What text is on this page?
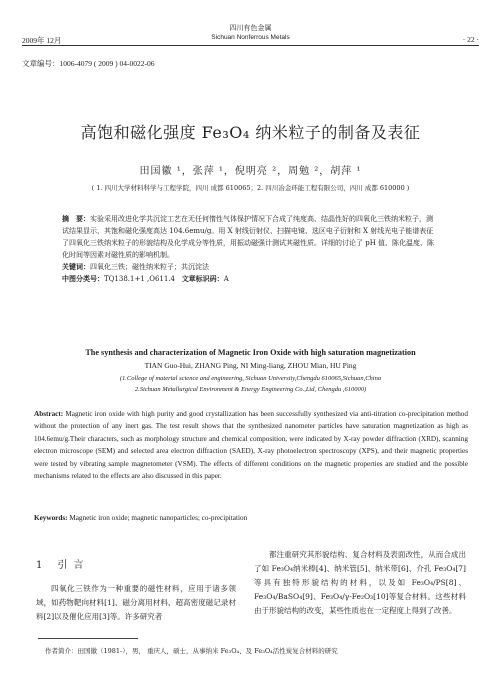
四川有色金属
Sichuan Nonferrous Metals
2009年 12月	· 22 ·
文章编号：1006-4079 ( 2009 ) 04-0022-06
高饱和磁化强度 Fe₃O₄ 纳米粒子的制备及表征
田国徽 ¹，张萍 ¹，倪明亮 ²，周勉 ²，胡萍 ¹
( 1. 四川大学材料科学与工程学院，四川 成都 610065；2. 四川冶金环能工程有限公司，四川 成都 610000 )
摘　要：实验采用改进化学共沉淀工艺在无任何惰性气体保护情况下合成了纯度高、结晶性好的四氧化三铁纳米粒子，测试结果显示，其饱和磁化强度高达 104.6emu/g。用 X 射线衍射仪、扫描电镜、选区电子衍射和 X 射线光电子能谱表征了四氧化三铁纳米粒子的形貌结构及化学成分等性质，用振动磁强计测试其磁性质。详细的讨论了 pH 值、陈化温度、陈化时间等因素对磁性质的影响机制。
关键词：四氧化三铁；磁性纳米粒子；共沉淀法
中图分类号：TQ138.1+1 ,O611.4 文章标识码：A
The synthesis and characterization of Magnetic Iron Oxide with high saturation magnetization
TIAN Guo-Hui, ZHANG Ping, NI Ming-liang, ZHOU Mian, HU Ping
(1.College of material science and engineering, Sichuan University,Chengdu 610065,Sichuan,China
2.Sichuan Metallurgical Environment & Energy Engineering Co.,Ltd, Chengdu ,610000)
Abstract: Magnetic iron oxide with high purity and good crystallization has been successfully synthesized via anti-titration co-precipitation method without the protection of any inert gas. The test result shows that the synthesized nanometer particles have saturation magnetization as high as 104.6emu/g.Their characters, such as morphology structure and chemical composition, were indicated by X-ray powder diffraction (XRD), scanning electron microscope (SEM) and selected area electron diffraction (SAED), X-ray photoelectron spectroscopy (XPS), and their magnetic properties were tested by vibrating sample magnetometer (VSM). The effects of different conditions on the magnetic properties are studied and the possible mechanisms related to the effects are also discussed in this paper.
Keywords: Magnetic iron oxide; magnetic nanoparticles; co-precipitation
1 引言
四氧化三铁作为一种重要的磁性材料，应用于诸多领域，如药物靶向材料[1]、磁分离用材料、超高密度磁记录材料[2]以及催化应用[3]等。许多研究者
都注重研究其形貌结构、复合材料及表面改性，从而合成出了如 Fe₃O₄纳米棒[4]、纳米管[5]、纳米带[6]、介孔 Fe₃O₄[7]等具有独特形貌结构的材料，以及如 Fe₃O₄/PS[8]、Fe₃O₄/BaSO₄[9]、Fe₃O₄/γ-Fe₂O₃[10]等复合材料。这些材料由于形貌结构的改变，某些性质也在一定程度上得到了改善。
作者简介：田国徽（1981-），男， 重庆人，硕士，从事纳米 Fe₃O₄、及 Fe₃O₄活性炭复合材料的研究
